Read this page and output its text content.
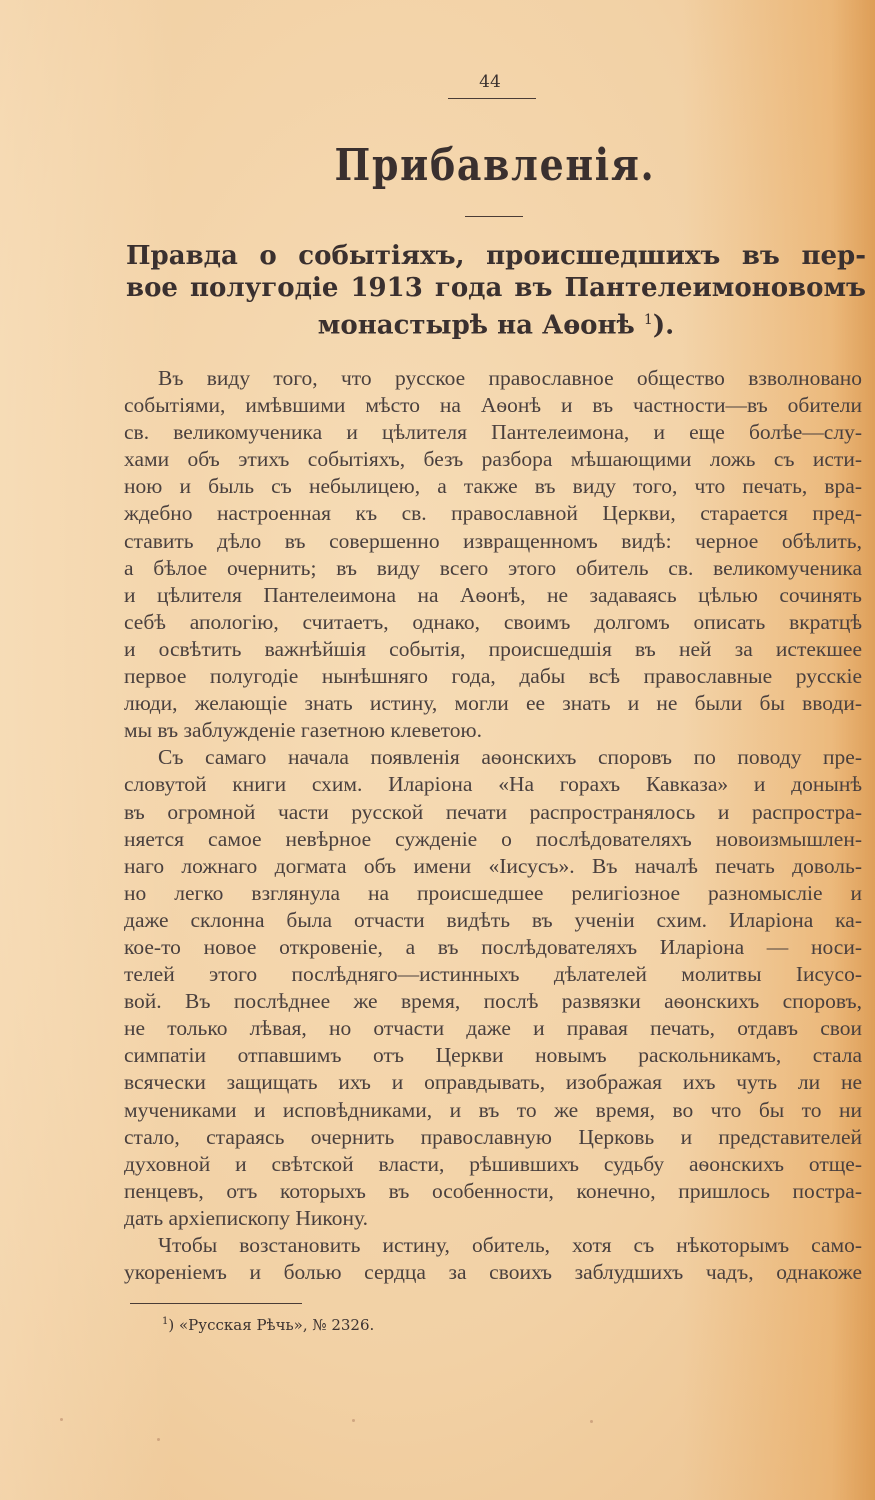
44
Прибавленія.
Правда о событіяхъ, происшедшихъ въ пер-
вое полугодіе 1913 года въ Пантелеимоновомъ
монастырѣ на Аѳонѣ $^1$).
Въ виду того, что русское православное общество взволновано
событіями, имѣвшими мѣсто на Аѳонѣ и въ частности—въ обители
св. великомученика и цѣлителя Пантелеимона, и еще болѣе—слу-
хами объ этихъ событіяхъ, безъ разбора мѣшающими ложь съ исти-
ною и быль съ небылицею, а также въ виду того, что печать, вра-
ждебно настроенная къ св. православной Церкви, старается пред-
ставить дѣло въ совершенно извращенномъ видѣ: черное обѣлить,
а бѣлое очернить; въ виду всего этого обитель св. великомученика
и цѣлителя Пантелеимона на Аѳонѣ, не задаваясь цѣлью сочинять
себѣ апологію, считаетъ, однако, своимъ долгомъ описать вкратцѣ
и освѣтить важнѣйшія событія, происшедшія въ ней за истекшее
первое полугодіе нынѣшняго года, дабы всѣ православные русскіе
люди, желающіе знать истину, могли ее знать и не были бы вводи-
мы въ заблужденіе газетною клеветою.
Съ самаго начала появленія аѳонскихъ споровъ по поводу пре-
словутой книги схим. Иларіона «На горахъ Кавказа» и донынѣ
въ огромной части русской печати распространялось и распростра-
няется самое невѣрное сужденіе о послѣдователяхъ новоизмышлен-
наго ложнаго догмата объ имени «Іисусъ». Въ началѣ печать доволь-
но легко взглянула на происшедшее религіозное разномысліе и
даже склонна была отчасти видѣть въ ученіи схим. Иларіона ка-
кое-то новое откровеніе, а въ послѣдователяхъ Иларіона — носи-
телей этого послѣдняго—истинныхъ дѣлателей молитвы Іисусо-
вой. Въ послѣднее же время, послѣ развязки аѳонскихъ споровъ,
не только лѣвая, но отчасти даже и правая печать, отдавъ свои
симпатіи отпавшимъ отъ Церкви новымъ раскольникамъ, стала
всячески защищать ихъ и оправдывать, изображая ихъ чуть ли не
мучениками и исповѣдниками, и въ то же время, во что бы то ни
стало, стараясь очернить православную Церковь и представителей
духовной и свѣтской власти, рѣшившихъ судьбу аѳонскихъ отще-
пенцевъ, отъ которыхъ въ особенности, конечно, пришлось постра-
дать архіепископу Никону.
Чтобы возстановить истину, обитель, хотя съ нѣкоторымъ само-
укореніемъ и болью сердца за своихъ заблудшихъ чадъ, однакоже
$^1$) «Русская Рѣчь», № 2326.
